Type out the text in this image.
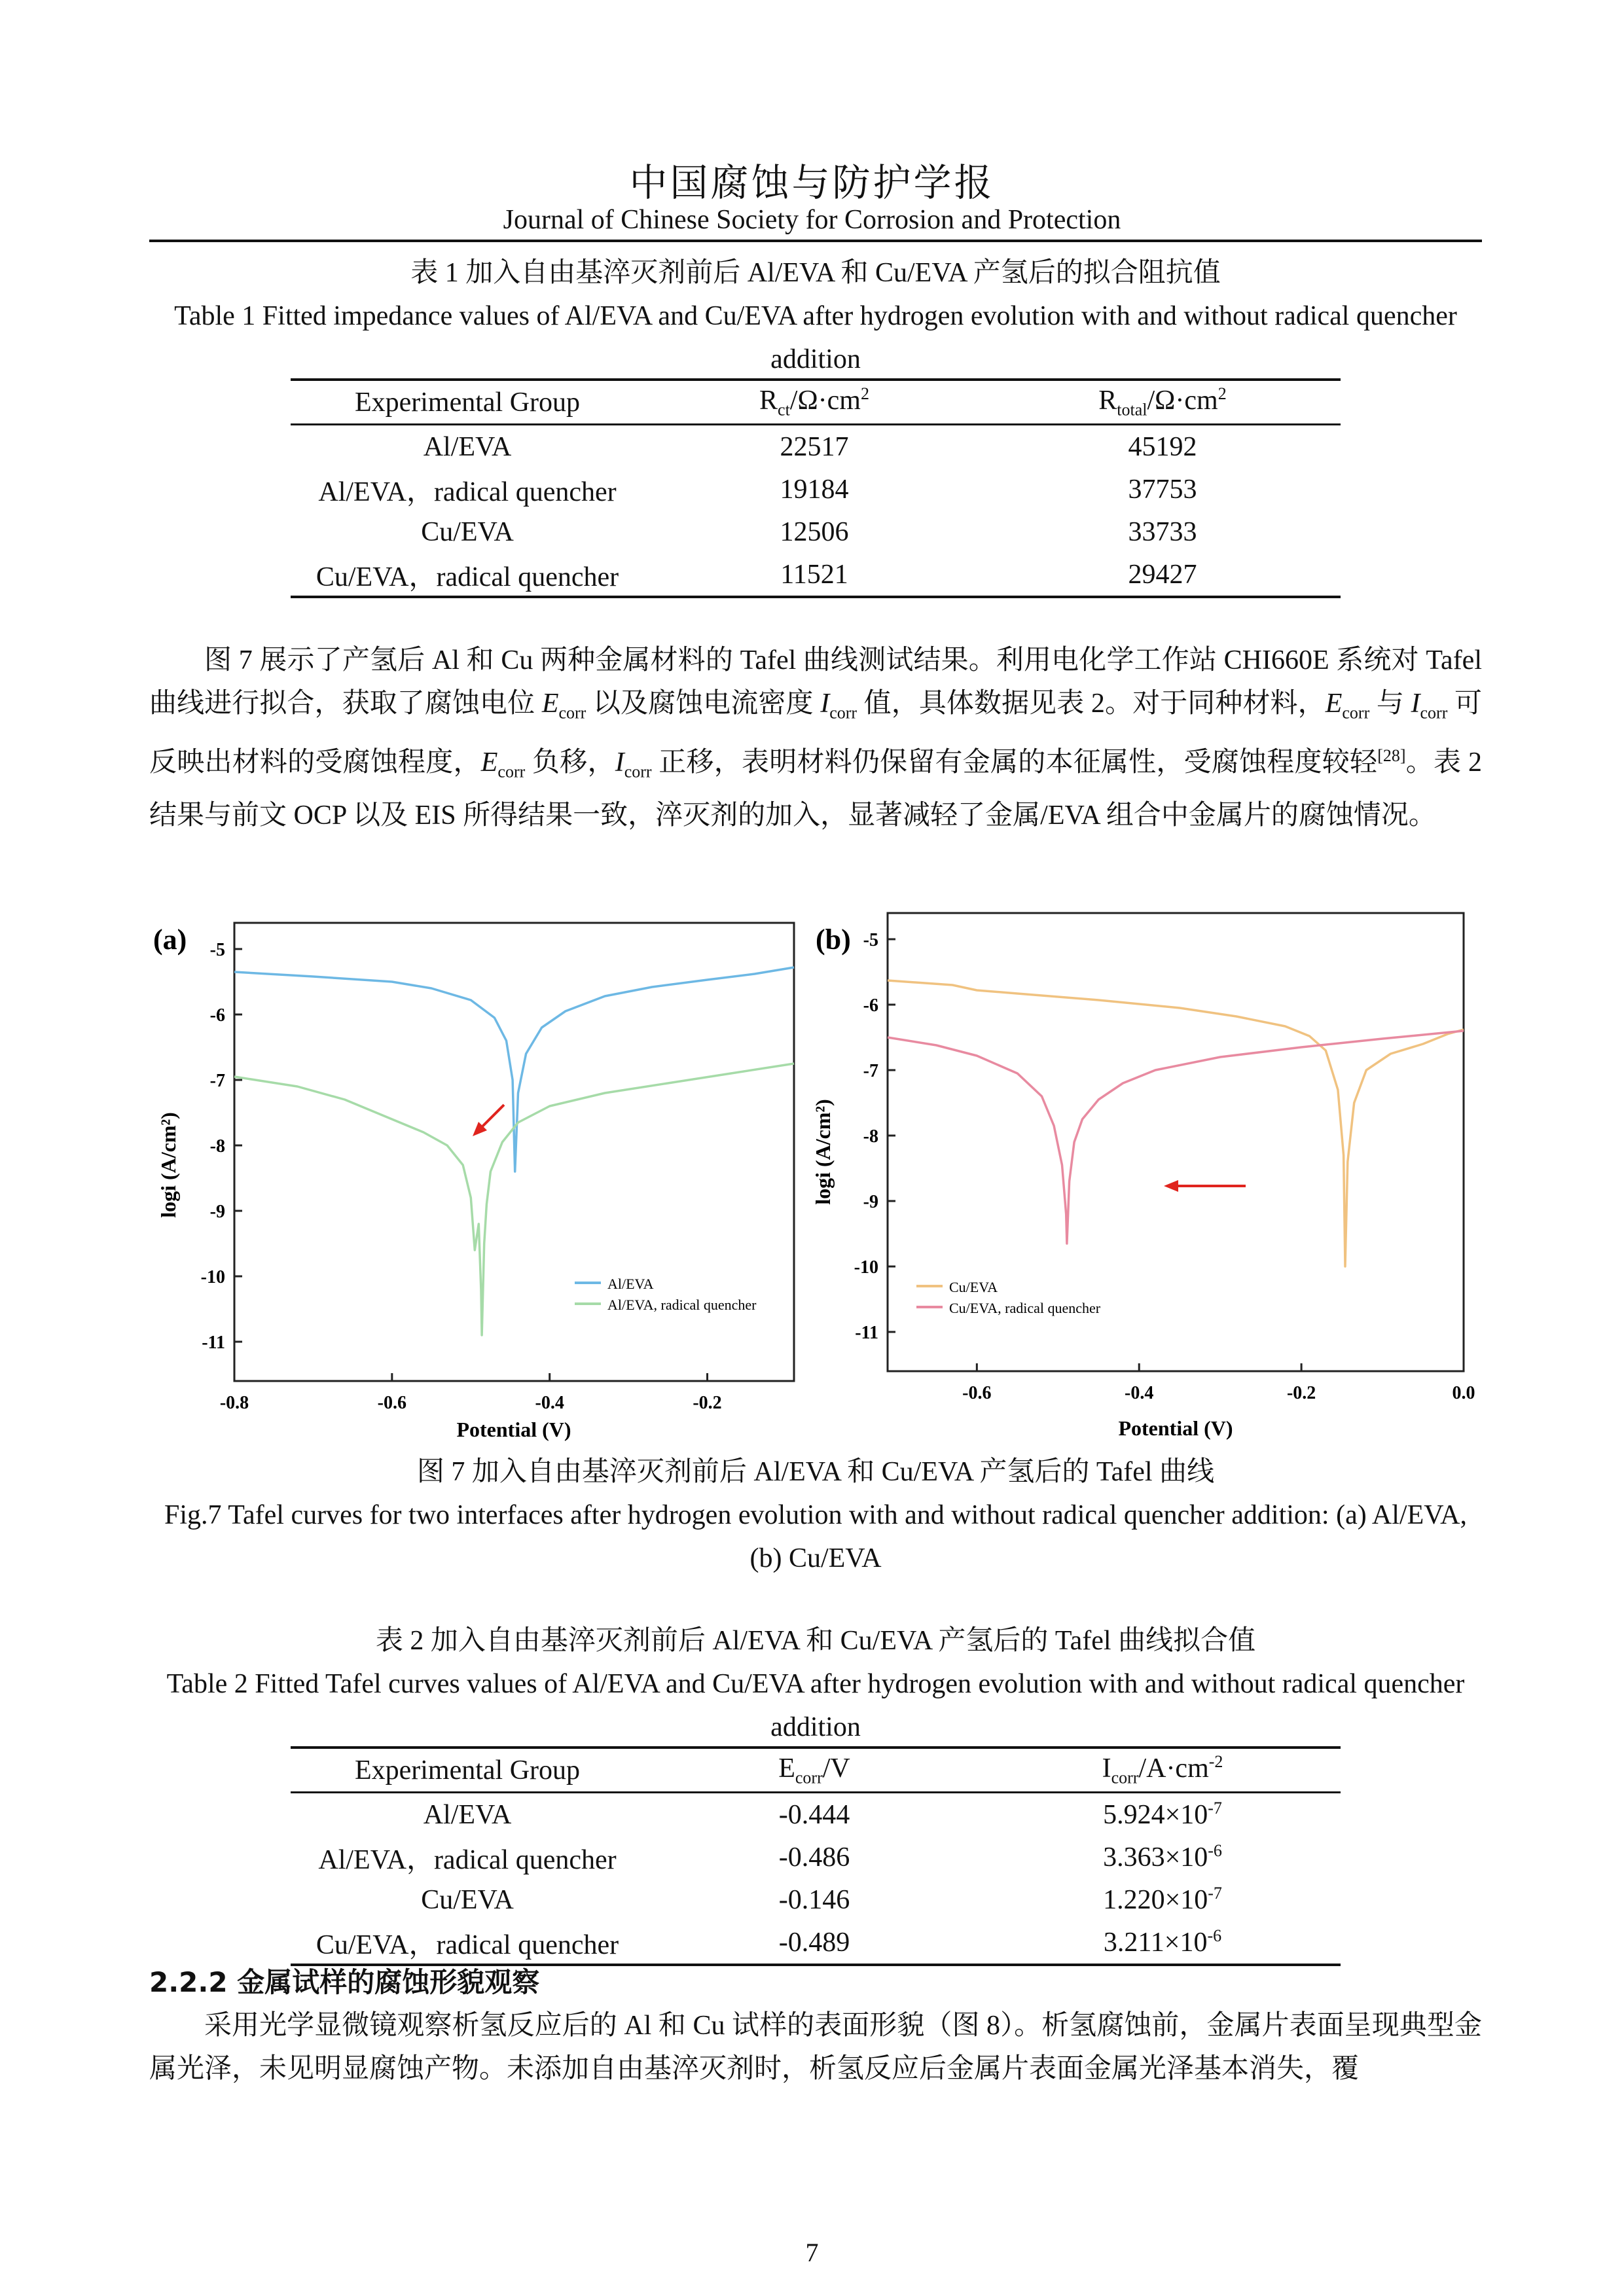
中国腐蚀与防护学报
Journal of Chinese Society for Corrosion and Protection
表 1 加入自由基淬灭剂前后 Al/EVA 和 Cu/EVA 产氢后的拟合阻抗值
Table 1 Fitted impedance values of Al/EVA and Cu/EVA after hydrogen evolution with and without radical quencher addition
Experimental Group	$R_{ct}/\Omega\cdot cm^2$	$R_{total}/\Omega\cdot cm^2$
Al/EVA	22517	45192
Al/EVA，radical quencher	19184	37753
Cu/EVA	12506	33733
Cu/EVA，radical quencher	11521	29427

图 7 展示了产氢后 Al 和 Cu 两种金属材料的 Tafel 曲线测试结果。利用电化学工作站 CHI660E 系统对 Tafel 曲线进行拟合，获取了腐蚀电位 $E_{corr}$ 以及腐蚀电流密度 $I_{corr}$ 值，具体数据见表 2。对于同种材料，$E_{corr}$ 与 $I_{corr}$ 可反映出材料的受腐蚀程度，$E_{corr}$ 负移，$I_{corr}$ 正移，表明材料仍保留有金属的本征属性，受腐蚀程度较轻[28]。表 2 结果与前文 OCP 以及 EIS 所得结果一致，淬灭剂的加入，显著减轻了金属/EVA 组合中金属片的腐蚀情况。

(a) -5
-6
-7
-8
-9
-10
-11
-0.8	-0.6	-0.4	-0.2
logi (A/cm²)
Potential (V)
Al/EVA
Al/EVA, radical quencher
(b) -5
-6
-7
-8
-9
-10
-11
-0.6	-0.4	-0.2	0.0
logi (A/cm²)
Potential (V)
Cu/EVA
Cu/EVA, radical quencher
图 7 加入自由基淬灭剂前后 Al/EVA 和 Cu/EVA 产氢后的 Tafel 曲线
Fig.7 Tafel curves for two interfaces after hydrogen evolution with and without radical quencher addition: (a) Al/EVA, (b) Cu/EVA
表 2 加入自由基淬灭剂前后 Al/EVA 和 Cu/EVA 产氢后的 Tafel 曲线拟合值
Table 2 Fitted Tafel curves values of Al/EVA and Cu/EVA after hydrogen evolution with and without radical quencher addition
Experimental Group	$E_{corr}/V$	$I_{corr}/A\cdot cm^{-2}$
Al/EVA	-0.444	$5.924\times 10^{-7}$
Al/EVA，radical quencher	-0.486	$3.363\times 10^{-6}$
Cu/EVA	-0.146	$1.220\times 10^{-7}$
Cu/EVA，radical quencher	-0.489	$3.211\times 10^{-6}$
2.2.2 金属试样的腐蚀形貌观察

采用光学显微镜观察析氢反应后的 Al 和 Cu 试样的表面形貌（图 8）。析氢腐蚀前，金属片表面呈现典型金属光泽，未见明显腐蚀产物。未添加自由基淬灭剂时，析氢反应后金属片表面金属光泽基本消失，覆

7
